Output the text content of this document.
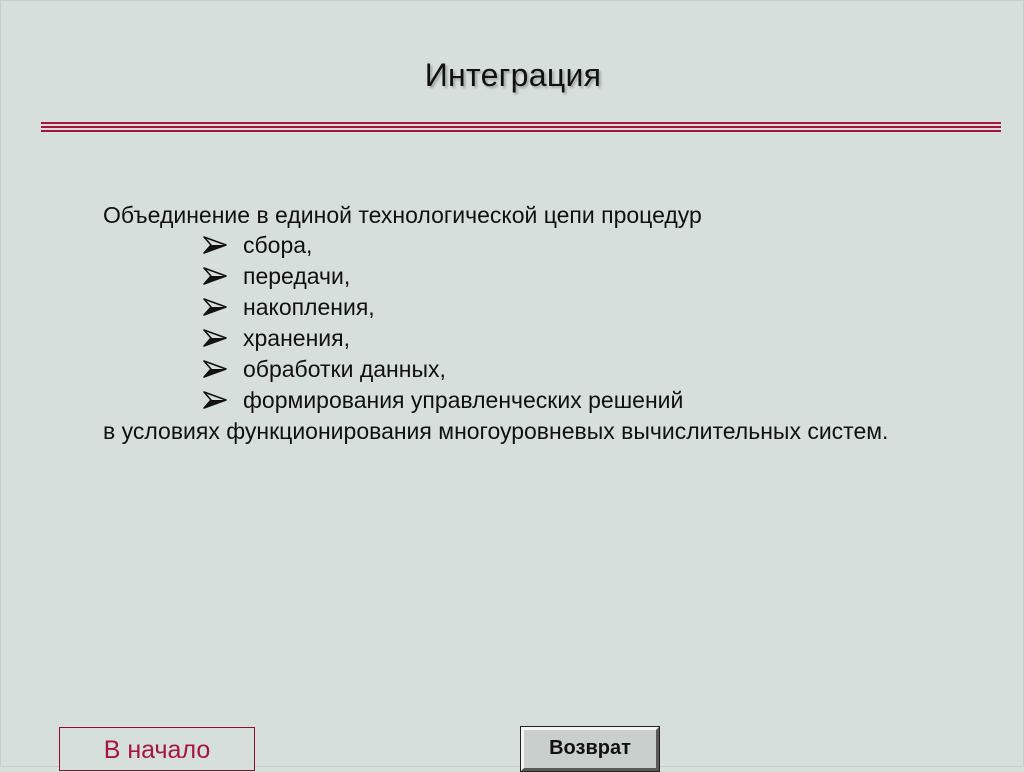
Интеграция

Объединение в единой технологической цепи процедур

сбора,
передачи,
накопления,
хранения,
обработки данных,
формирования управленческих решений

в условиях функционирования многоуровневых вычислительных систем.

В начало	Возврат
